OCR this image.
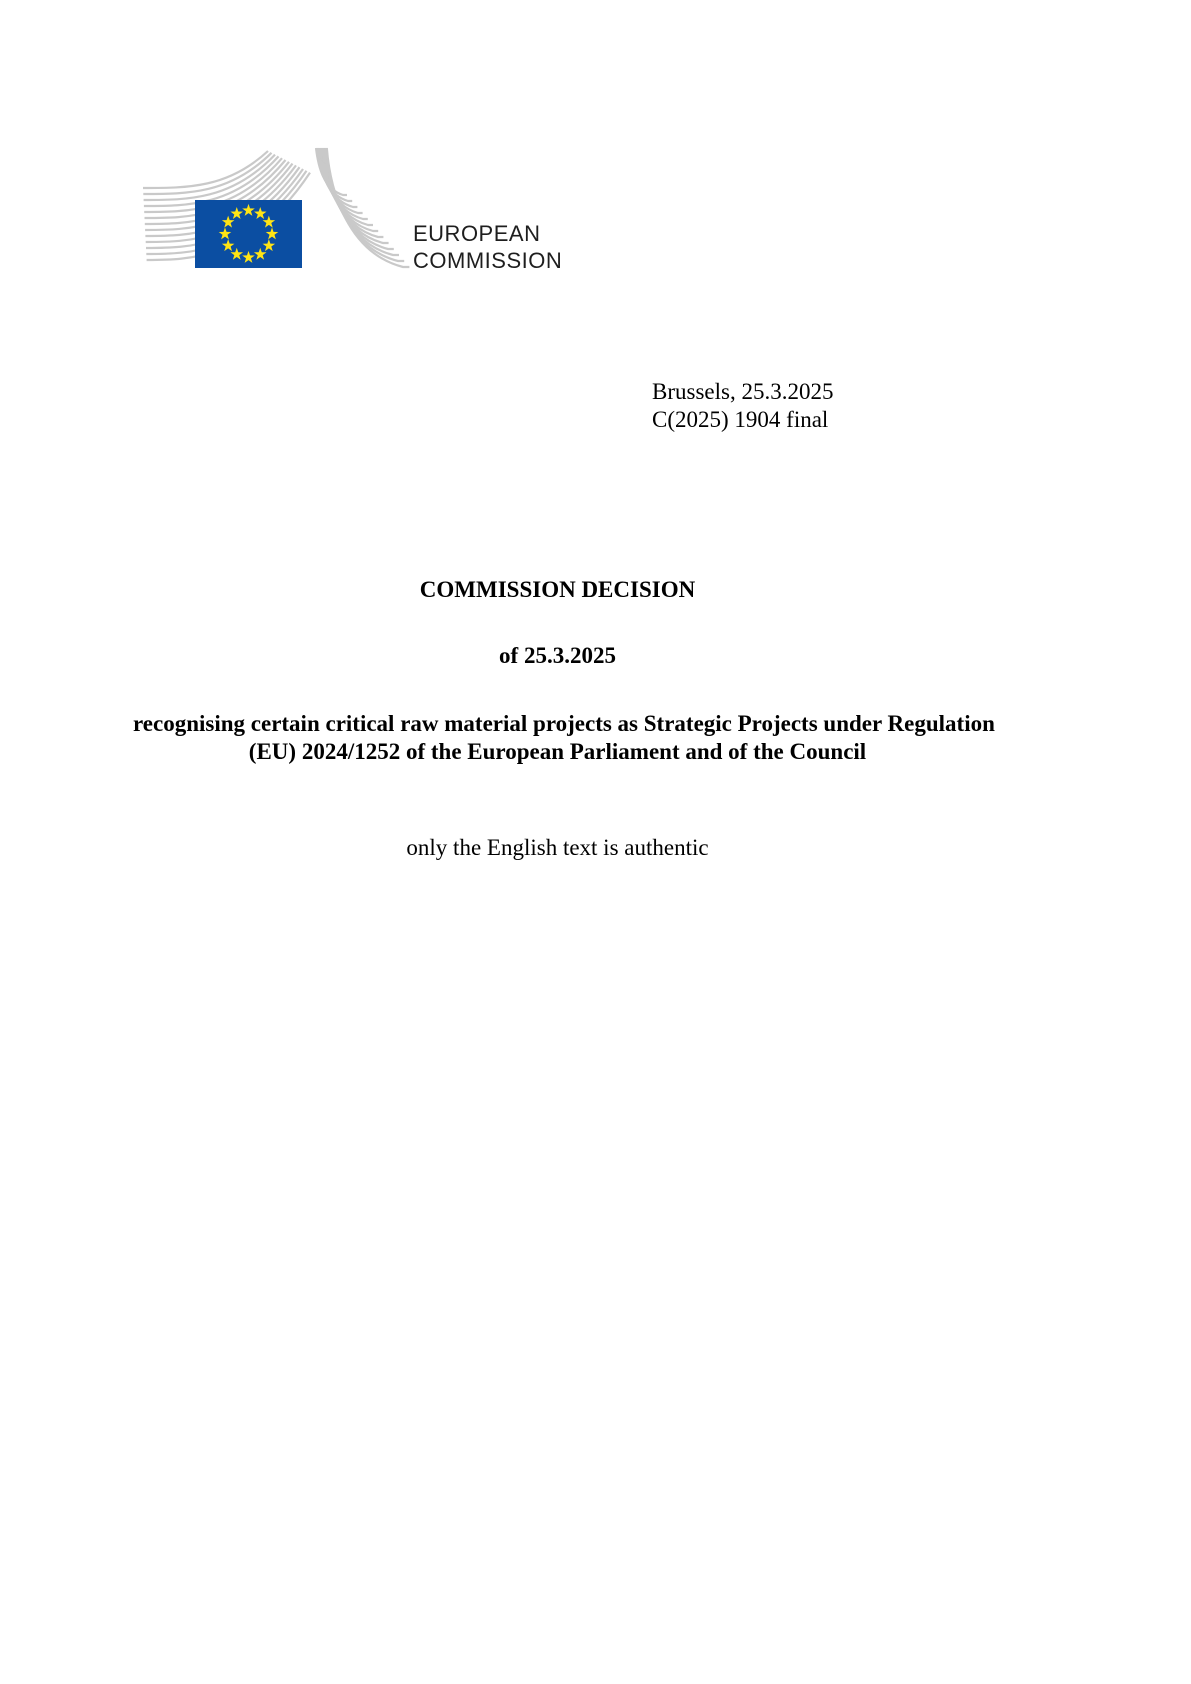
EUROPEAN
COMMISSION
Brussels, 25.3.2025
C(2025) 1904 final
COMMISSION DECISION
of 25.3.2025
recognising certain critical raw material projects as Strategic Projects under Regulation
(EU) 2024/1252 of the European Parliament and of the Council
only the English text is authentic
